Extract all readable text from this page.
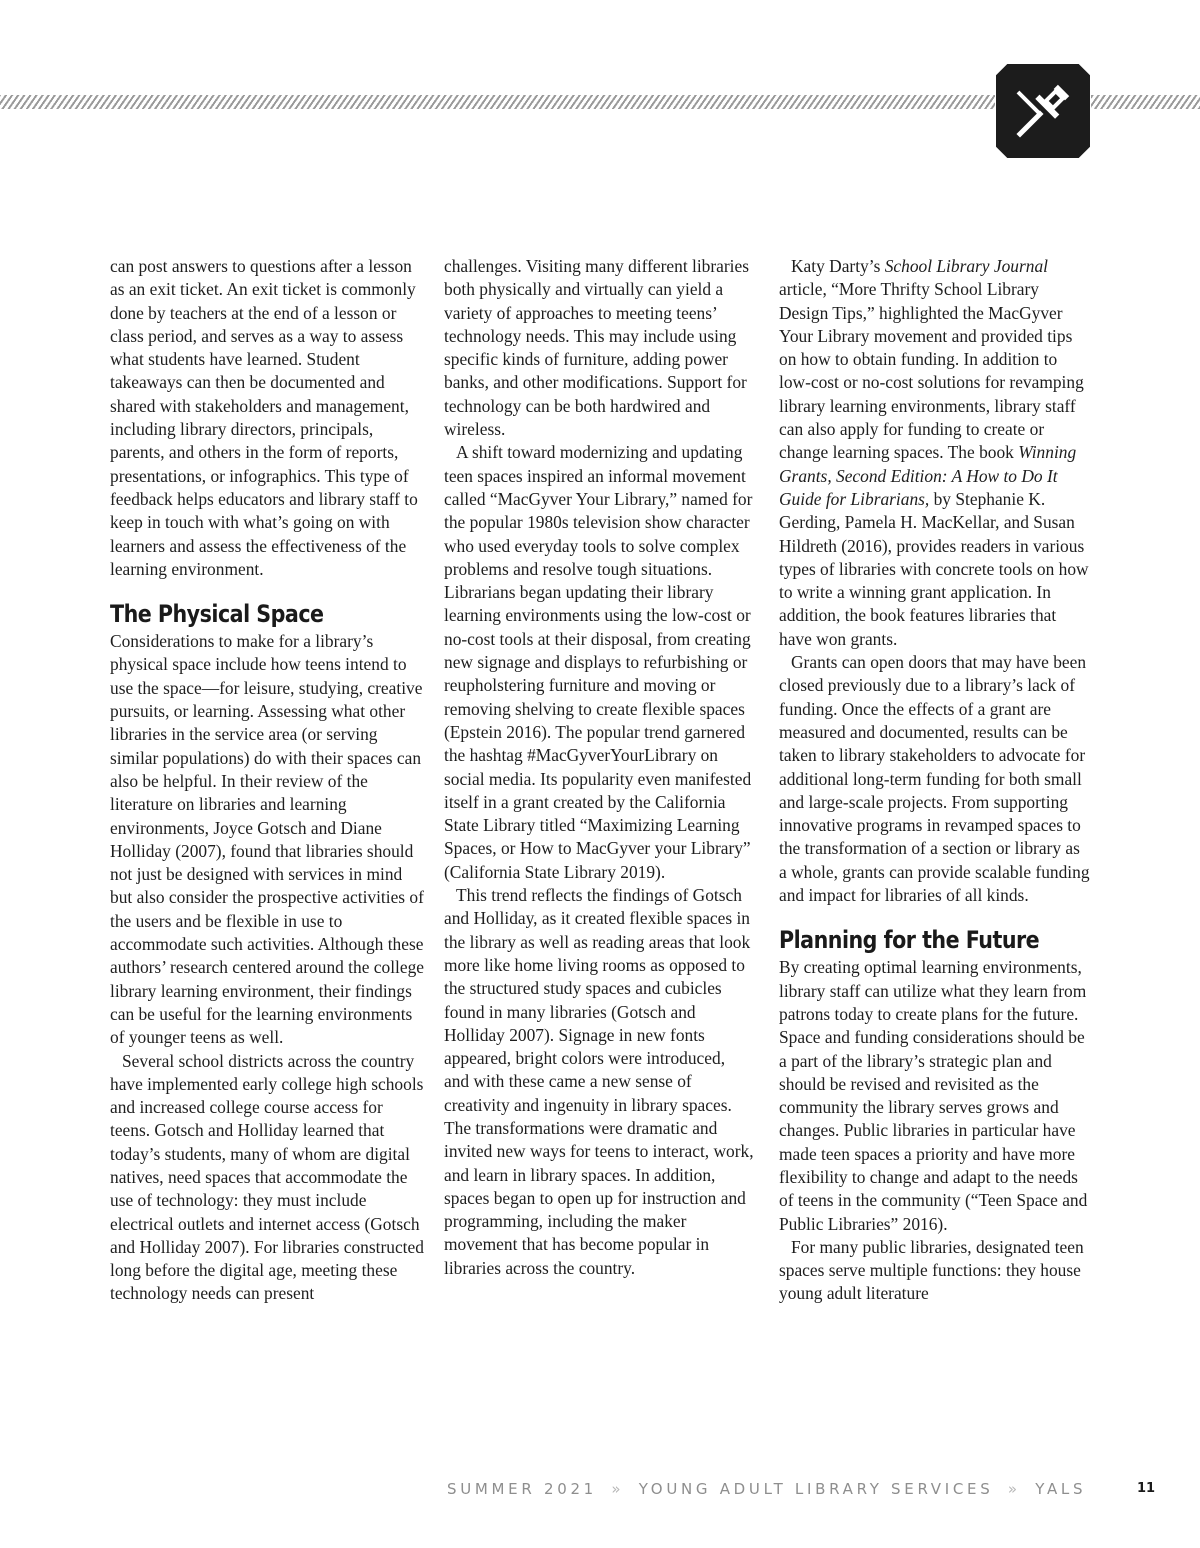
can post answers to questions after a lesson as an exit ticket. An exit ticket is commonly done by teachers at the end of a lesson or class period, and serves as a way to assess what students have learned. Student takeaways can then be documented and shared with stakeholders and management, including library directors, principals, parents, and others in the form of reports, presentations, or infographics. This type of feedback helps educators and library staff to keep in touch with what’s going on with learners and assess the effectiveness of the learning environment.

The Physical Space

Considerations to make for a library’s physical space include how teens intend to use the space—for leisure, studying, creative pursuits, or learning. Assessing what other libraries in the service area (or serving similar populations) do with their spaces can also be helpful. In their review of the literature on libraries and learning environments, Joyce Gotsch and Diane Holliday (2007), found that libraries should not just be designed with services in mind but also consider the prospective activities of the users and be flexible in use to accommodate such activities. Although these authors’ research centered around the college library learning environment, their findings can be useful for the learning environments of younger teens as well.

Several school districts across the country have implemented early college high schools and increased college course access for teens. Gotsch and Holliday learned that today’s students, many of whom are digital natives, need spaces that accommodate the use of technology: they must include electrical outlets and internet access (Gotsch and Holliday 2007). For libraries constructed long before the digital age, meeting these technology needs can present

challenges. Visiting many different libraries both physically and virtually can yield a variety of approaches to meeting teens’ technology needs. This may include using specific kinds of furniture, adding power banks, and other modifications. Support for technology can be both hardwired and wireless.

A shift toward modernizing and updating teen spaces inspired an informal movement called “MacGyver Your Library,” named for the popular 1980s television show character who used everyday tools to solve complex problems and resolve tough situations. Librarians began updating their library learning environments using the low-cost or no-cost tools at their disposal, from creating new signage and displays to refurbishing or reupholstering furniture and moving or removing shelving to create flexible spaces (Epstein 2016). The popular trend garnered the hashtag #MacGyverYourLibrary on social media. Its popularity even manifested itself in a grant created by the California State Library titled “Maximizing Learning Spaces, or How to MacGyver your Library” (California State Library 2019).

This trend reflects the findings of Gotsch and Holliday, as it created flexible spaces in the library as well as reading areas that look more like home living rooms as opposed to the structured study spaces and cubicles found in many libraries (Gotsch and Holliday 2007). Signage in new fonts appeared, bright colors were introduced, and with these came a new sense of creativity and ingenuity in library spaces. The transformations were dramatic and invited new ways for teens to interact, work, and learn in library spaces. In addition, spaces began to open up for instruction and programming, including the maker movement that has become popular in libraries across the country.

Katy Darty’s School Library Journal article, “More Thrifty School Library Design Tips,” highlighted the MacGyver Your Library movement and provided tips on how to obtain funding. In addition to low-cost or no-cost solutions for revamping library learning environments, library staff can also apply for funding to create or change learning spaces. The book Winning Grants, Second Edition: A How to Do It Guide for Librarians, by Stephanie K. Gerding, Pamela H. MacKellar, and Susan Hildreth (2016), provides readers in various types of libraries with concrete tools on how to write a winning grant application. In addition, the book features libraries that have won grants.

Grants can open doors that may have been closed previously due to a library’s lack of funding. Once the effects of a grant are measured and documented, results can be taken to library stakeholders to advocate for additional long-term funding for both small and large-scale projects. From supporting innovative programs in revamped spaces to the transformation of a section or library as a whole, grants can provide scalable funding and impact for libraries of all kinds.

Planning for the Future

By creating optimal learning environments, library staff can utilize what they learn from patrons today to create plans for the future. Space and funding considerations should be a part of the library’s strategic plan and should be revised and revisited as the community the library serves grows and changes. Public libraries in particular have made teen spaces a priority and have more flexibility to change and adapt to the needs of teens in the community (“Teen Space and Public Libraries” 2016).

For many public libraries, designated teen spaces serve multiple functions: they house young adult literature

SUMMER 2021 » YOUNG ADULT LIBRARY SERVICES » YALS	11
